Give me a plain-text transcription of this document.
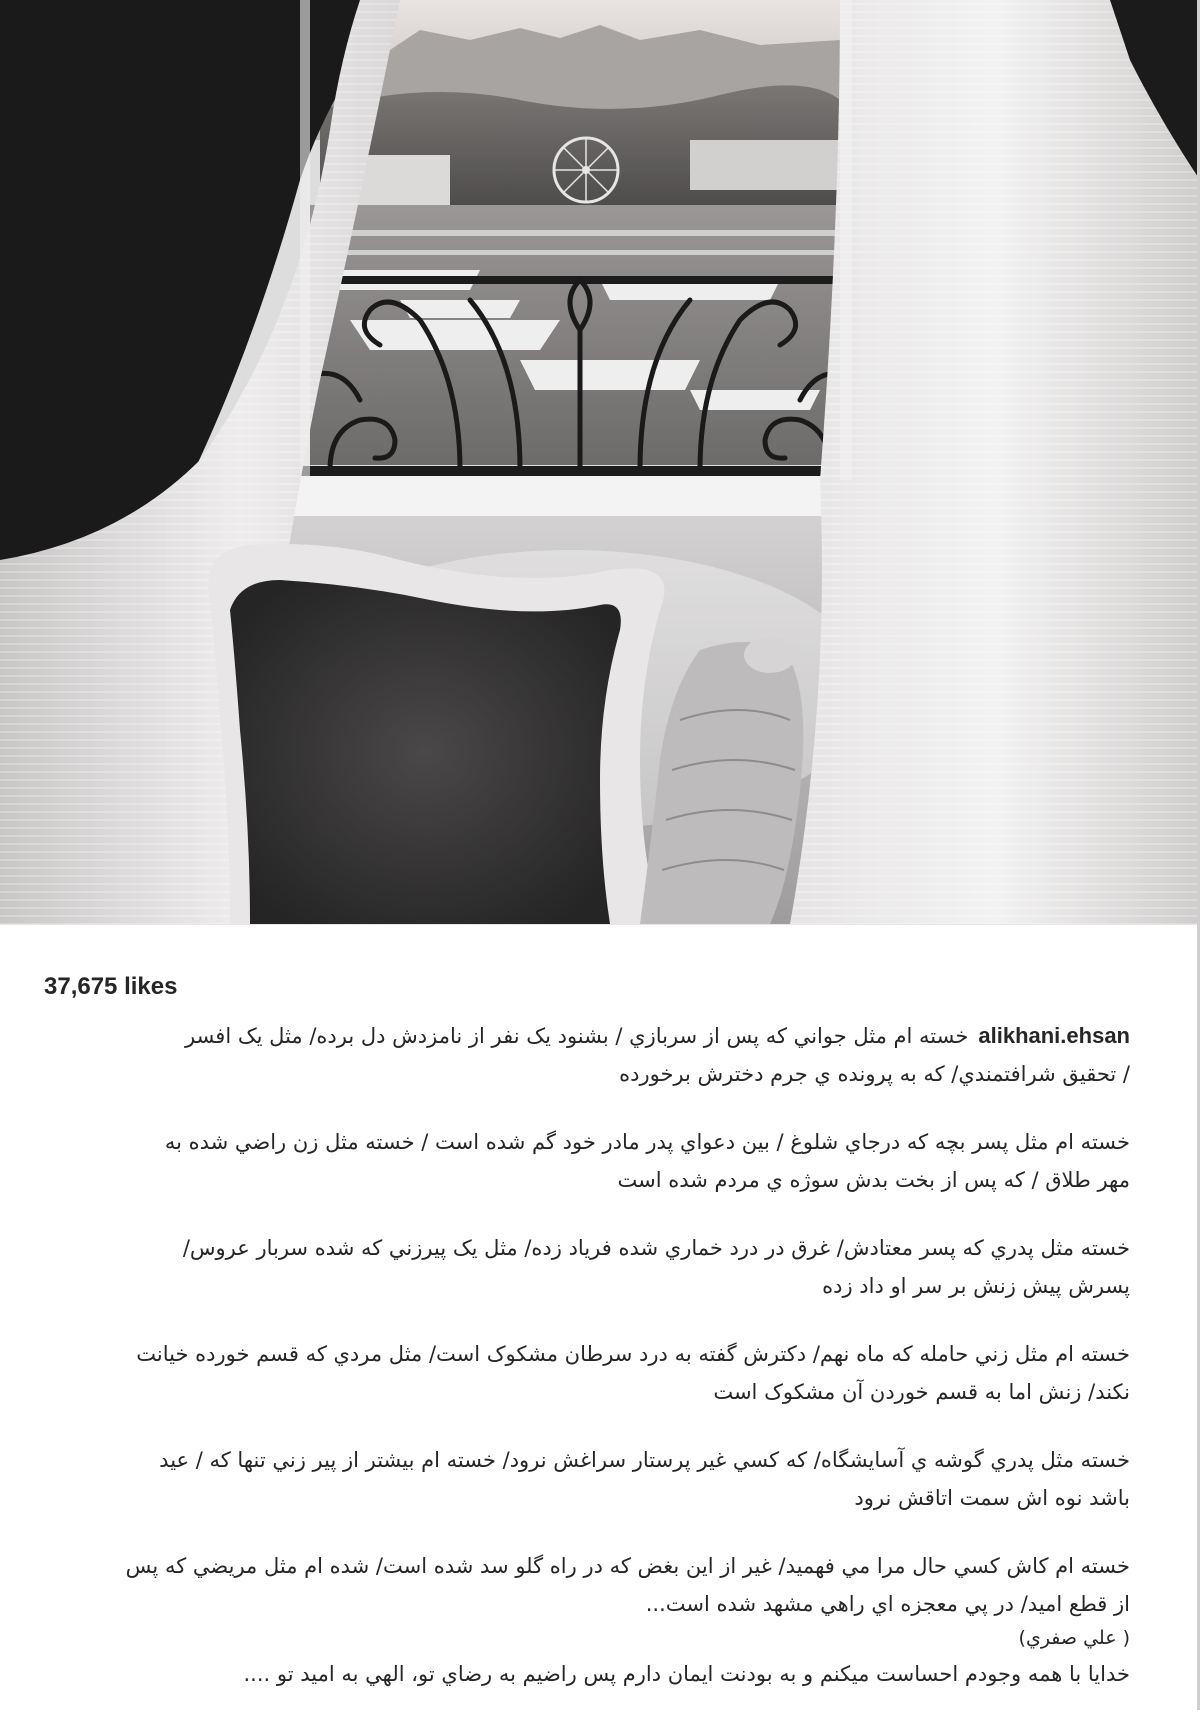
37,675 likes
alikhani.ehsanخسته ام مثل جواني كه پس از سربازي / بشنود يک نفر از نامزدش دل برده/ مثل يک افسر
/ تحقيق شرافتمندي/ كه به پرونده ي جرم دخترش برخورده
خسته ام مثل پسر بچه كه درجاي شلوغ / بين دعواي پدر مادر خود گم شده است / خسته مثل زن راضي شده به
مهر طلاق / كه پس از بخت بدش سوژه ي مردم شده است
خسته مثل پدري كه پسر معتادش/ غرق در درد خماري شده فرياد زده/ مثل يک پيرزني كه شده سربار عروس/
پسرش پيش زنش بر سر او داد زده
خسته ام مثل زني حامله كه ماه نهم/ دكترش گفته به درد سرطان مشكوک است/ مثل مردي كه قسم خورده خيانت
نكند/ زنش اما به قسم خوردن آن مشكوک است
خسته مثل پدري گوشه ي آسايشگاه/ كه كسي غير پرستار سراغش نرود/ خسته ام بيشتر از پير زني تنها كه / عيد
باشد نوه اش سمت اتاقش نرود
خسته ام كاش كسي حال مرا مي فهميد/ غير از اين بغض كه در راه گلو سد شده است/ شده ام مثل مريضي كه پس
از قطع اميد/ در پي معجزه اي راهي مشهد شده است...
( علي صفري)
خدايا با همه وجودم احساست ميكنم و به بودنت ايمان دارم پس راضيم به رضاي تو، الهي به اميد تو ....
